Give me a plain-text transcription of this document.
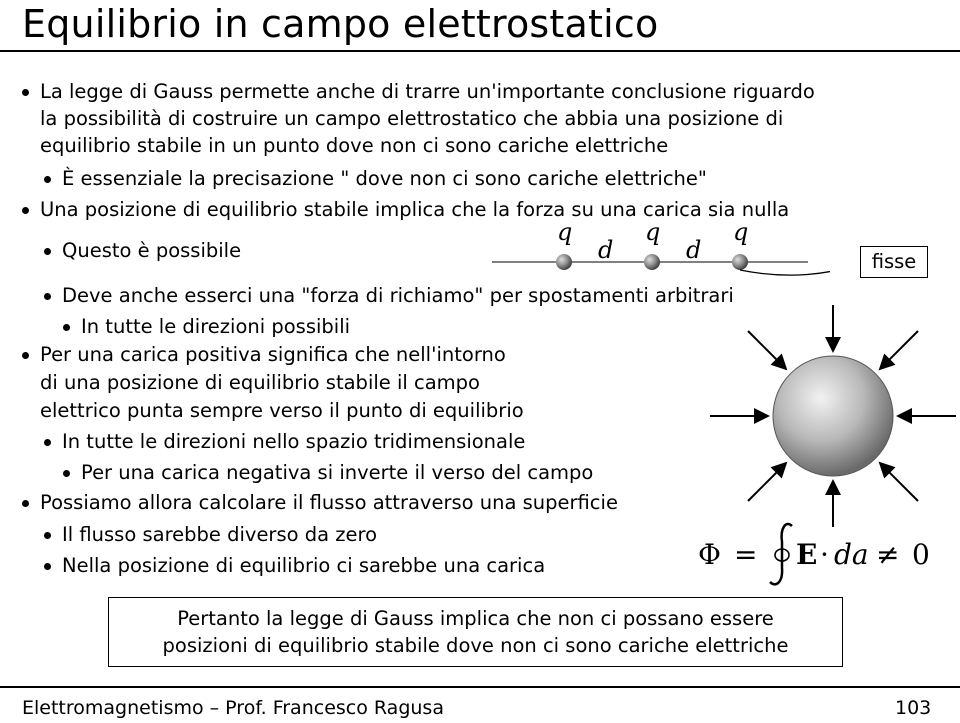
Equilibrio in campo elettrostatico
La legge di Gauss permette anche di trarre un'importante conclusione riguardo
la possibilità di costruire un campo elettrostatico che abbia una posizione di
equilibrio stabile in un punto dove non ci sono cariche elettriche
È essenziale la precisazione " dove non ci sono cariche elettriche"
Una posizione di equilibrio stabile implica che la forza su una carica sia nulla
Questo è possibile
Deve anche esserci una "forza di richiamo" per spostamenti arbitrari
In tutte le direzioni possibili
q	q	q
d	d	fisse
Per una carica positiva significa che nell'intorno
di una posizione di equilibrio stabile il campo
elettrico punta sempre verso il punto di equilibrio
In tutte le direzioni nello spazio tridimensionale
Per una carica negativa si inverte il verso del campo
Possiamo allora calcolare il flusso attraverso una superficie
Il flusso sarebbe diverso da zero
Nella posizione di equilibrio ci sarebbe una carica	Φ = E · da ≠ 0
Pertanto la legge di Gauss implica che non ci possano essere
posizioni di equilibrio stabile dove non ci sono cariche elettriche
Elettromagnetismo – Prof. Francesco Ragusa	103
